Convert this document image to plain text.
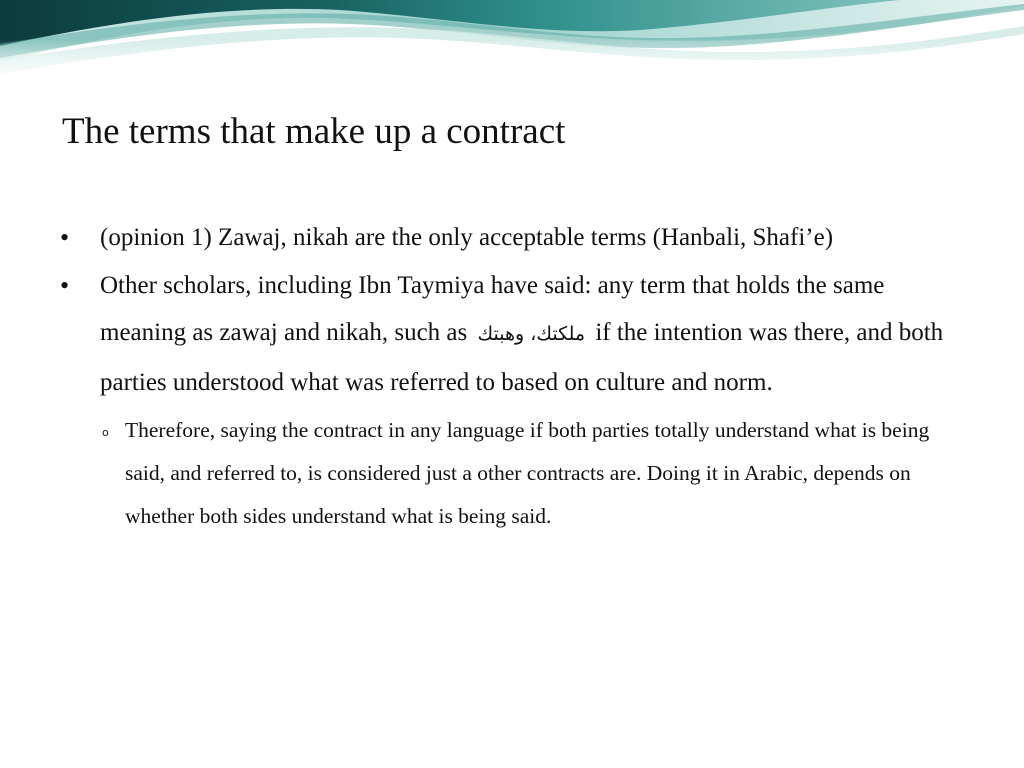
The terms that make up a contract
• (opinion 1) Zawaj, nikah are the only acceptable terms (Hanbali, Shafi’e)
• Other scholars, including Ibn Taymiya have said: any term that holds the same meaning as zawaj and nikah, such as ملكتك، وهبتك if the intention was there, and both parties understood what was referred to based on culture and norm.
o Therefore, saying the contract in any language if both parties totally understand what is being said, and referred to, is considered just a other contracts are. Doing it in Arabic, depends on whether both sides understand what is being said.
